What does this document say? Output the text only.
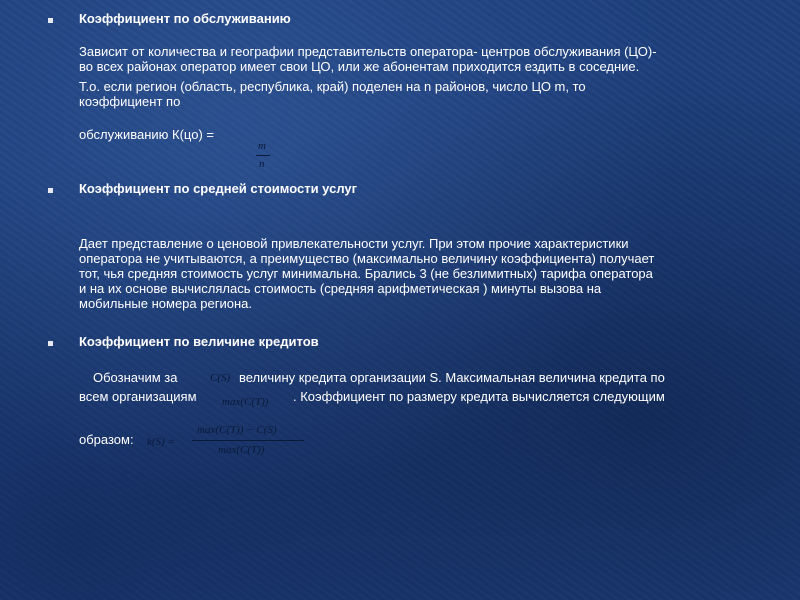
Коэффициент по обслуживанию
Зависит от количества и географии представительств оператора- центров обслуживания (ЦО)-
во всех районах оператор имеет свои ЦО, или же абонентам приходится ездить в соседние.
Т.о. если регион (область, республика, край) поделен на n районов, число ЦО m, то
коэффициент по
обслуживанию К(цо) =
m
n
Коэффициент по средней стоимости услуг
Дает представление о ценовой привлекательности услуг. При этом прочие характеристики
оператора не учитываются, а преимущество (максимально величину коэффициента) получает
тот, чья средняя стоимость услуг минимальна. Брались 3 (не безлимитных) тарифа оператора
и на их основе вычислялась стоимость (средняя арифметическая ) минуты вызова на
мобильные номера региона.
Коэффициент по величине кредитов
Обозначим за	C(S) величину кредита организации S. Максимальная величина кредита по
всем организациям max(C(T)) . Коэффициент по размеру кредита вычисляется следующим
образом: k(S) =
max(C(T)) − C(S)
max(C(T))
